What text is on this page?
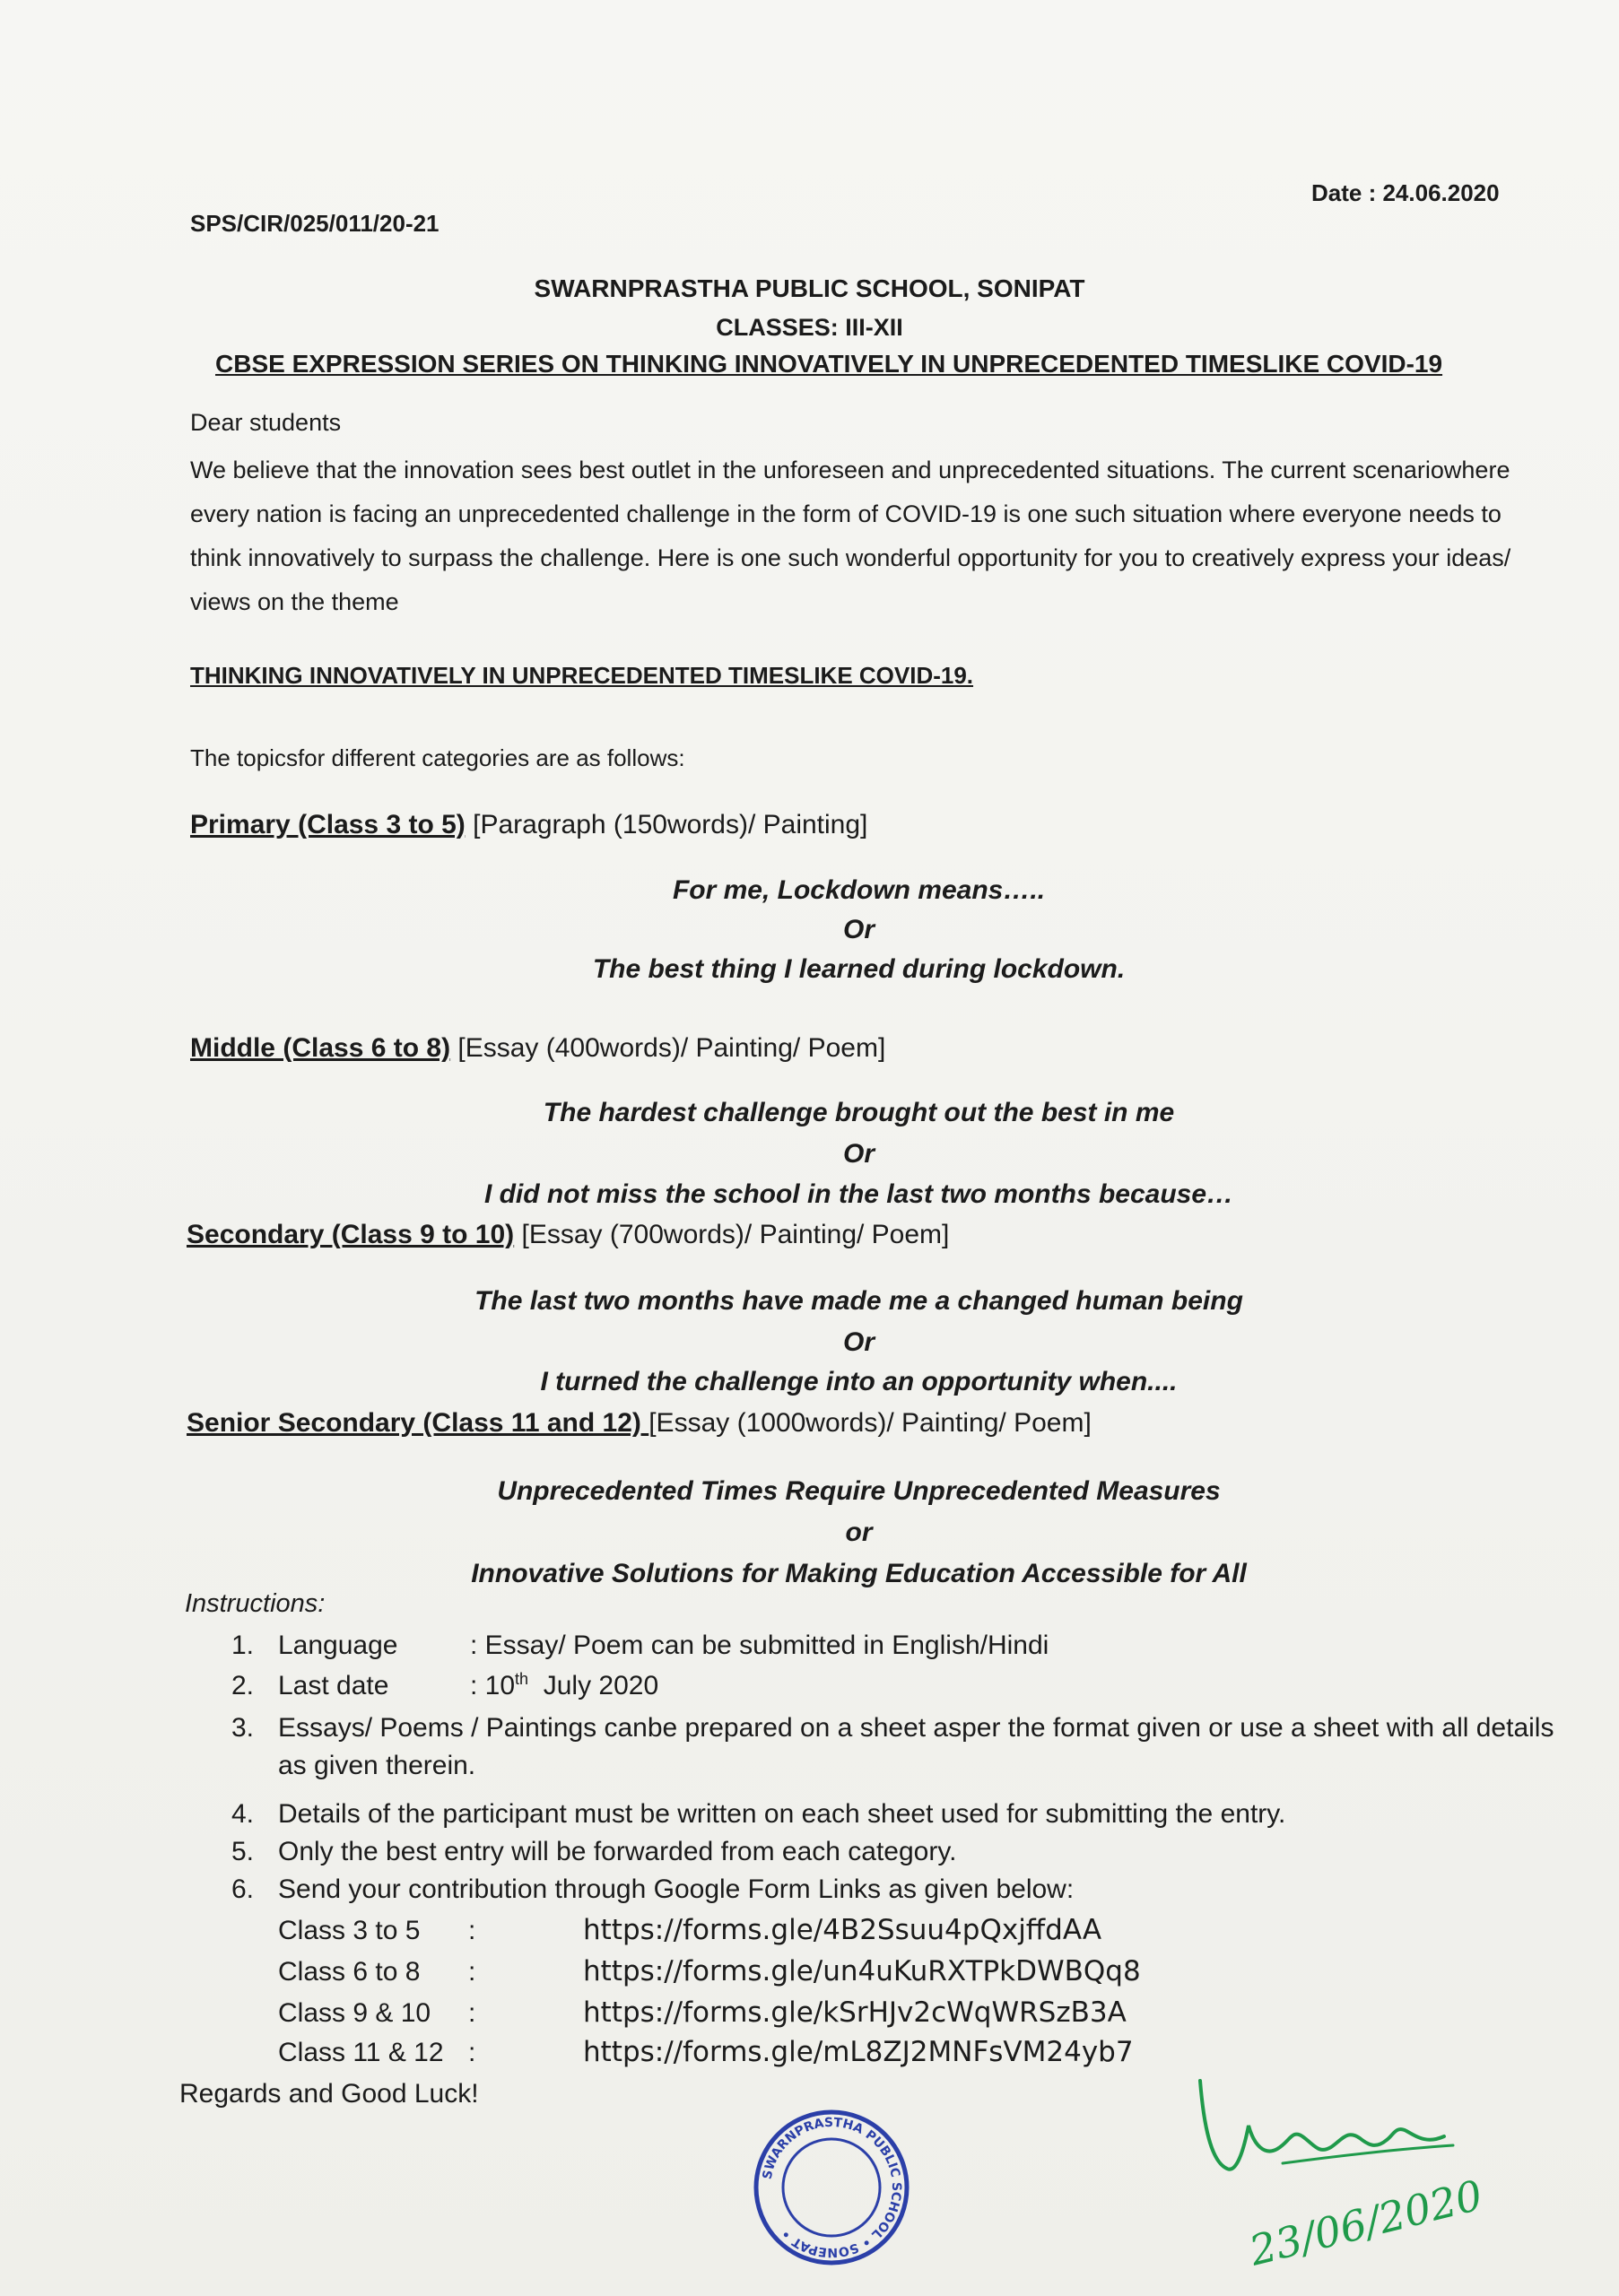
SPS/CIR/025/011/20-21
Date : 24.06.2020
SWARNPRASTHA PUBLIC SCHOOL, SONIPAT
CLASSES: III-XII
CBSE EXPRESSION SERIES ON THINKING INNOVATIVELY IN UNPRECEDENTED TIMESLIKE COVID-19
Dear students
We believe that the innovation sees best outlet in the unforeseen and unprecedented situations. The current scenariowhere every nation is facing an unprecedented challenge in the form of COVID-19 is one such situation where everyone needs to think innovatively to surpass the challenge. Here is one such wonderful opportunity for you to creatively express your ideas/ views on the theme
THINKING INNOVATIVELY IN UNPRECEDENTED TIMESLIKE COVID-19.
The topicsfor different categories are as follows:
Primary (Class 3 to 5) [Paragraph (150words)/ Painting]
For me, Lockdown means…..
Or
The best thing I learned during lockdown.
Middle (Class 6 to 8) [Essay (400words)/ Painting/ Poem]
The hardest challenge brought out the best in me
Or
I did not miss the school in the last two months because…
Secondary (Class 9 to 10) [Essay (700words)/ Painting/ Poem]
The last two months have made me a changed human being
Or
I turned the challenge into an opportunity when....
Senior Secondary (Class 11 and 12) [Essay (1000words)/ Painting/ Poem]
Unprecedented Times Require Unprecedented Measures
or
Innovative Solutions for Making Education Accessible for All
Instructions:
1. Language	: Essay/ Poem can be submitted in English/Hindi
2. Last date	: 10th  July 2020
3. Essays/ Poems / Paintings canbe prepared on a sheet asper the format given or use a sheet with all details as given therein.
4. Details of the participant must be written on each sheet used for submitting the entry.
5. Only the best entry will be forwarded from each category.
6. Send your contribution through Google Form Links as given below:
Class 3 to 5 :	https://forms.gle/4B2Ssuu4pQxjffdAA
Class 6 to 8 :	https://forms.gle/un4uKuRXTPkDWBQq8
Class 9 & 10 :	https://forms.gle/kSrHJv2cWqWRSzB3A
Class 11 & 12 :	https://forms.gle/mL8ZJ2MNFsVM24yb7
Regards and Good Luck!
SWARNPRASTHA PUBLIC SCHOOL • SONEPAT •	23/06/2020
